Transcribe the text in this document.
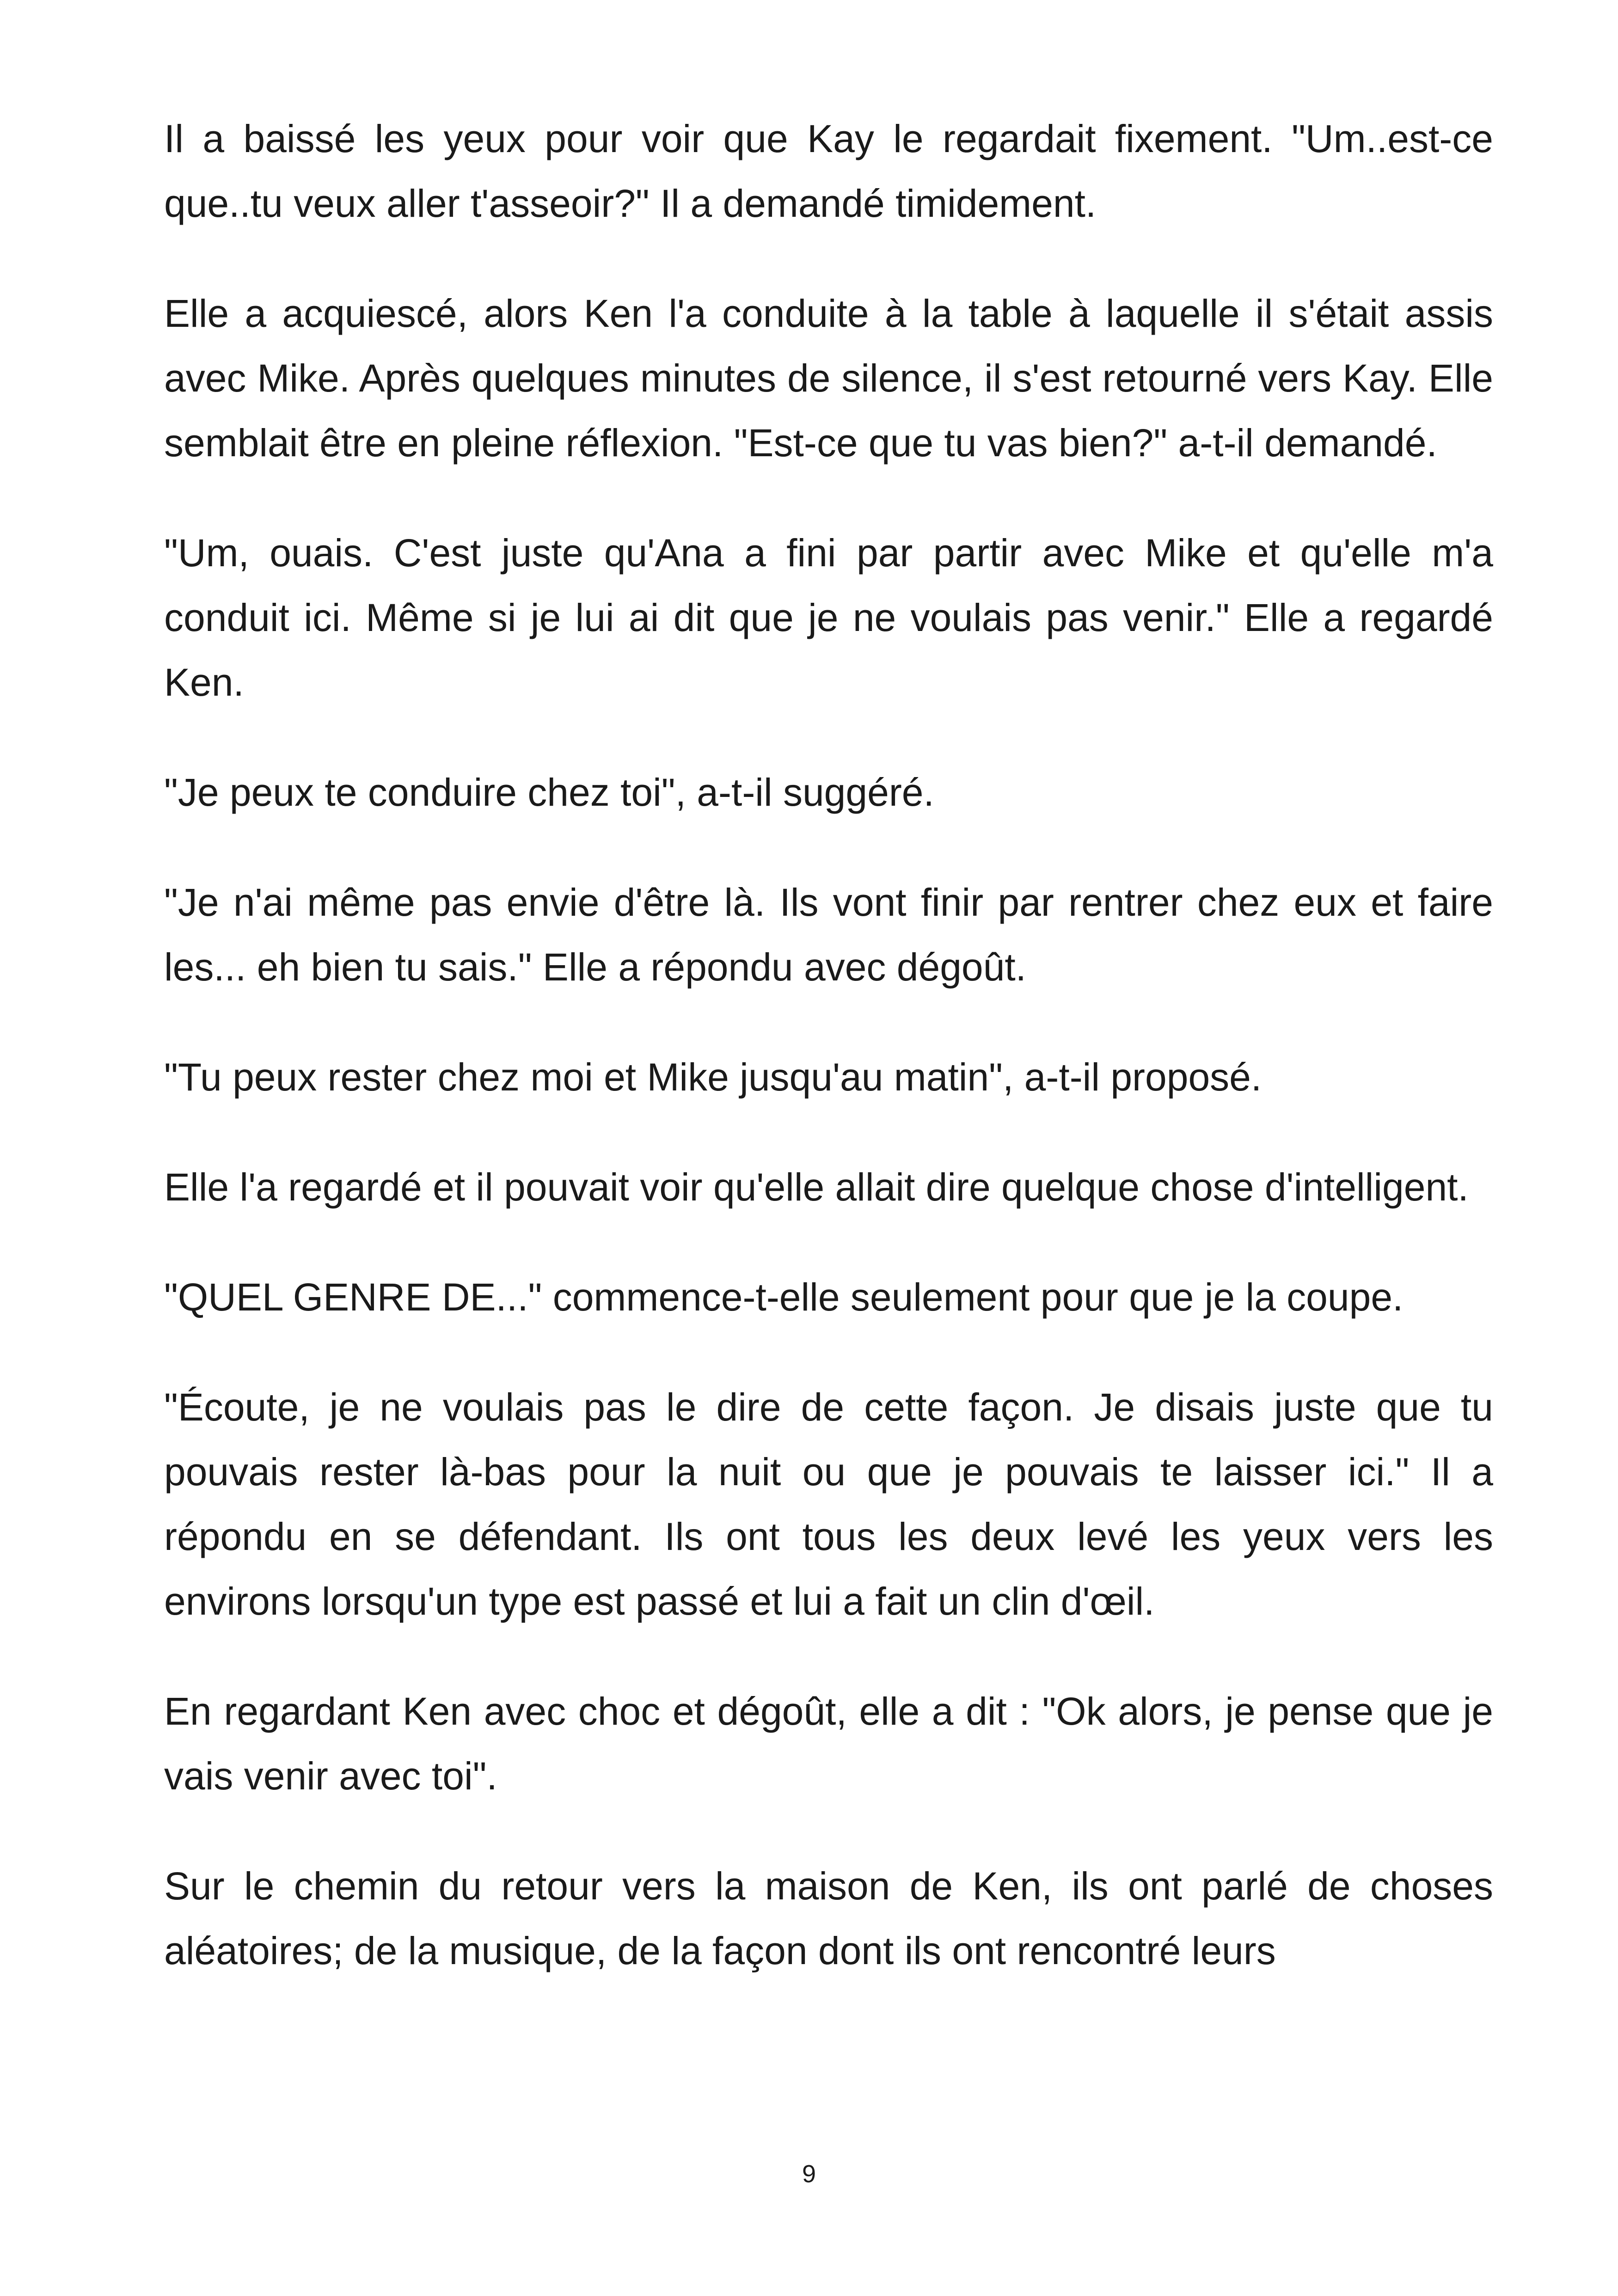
Il a baissé les yeux pour voir que Kay le regardait fixement. "Um..est-ce que..tu veux aller t'asseoir?" Il a demandé timidement.

Elle a acquiescé, alors Ken l'a conduite à la table à laquelle il s'était assis avec Mike. Après quelques minutes de silence, il s'est retourné vers Kay. Elle semblait être en pleine réflexion. "Est-ce que tu vas bien?" a-t-il demandé.

"Um, ouais. C'est juste qu'Ana a fini par partir avec Mike et qu'elle m'a conduit ici. Même si je lui ai dit que je ne voulais pas venir." Elle a regardé Ken.

"Je peux te conduire chez toi", a-t-il suggéré.

"Je n'ai même pas envie d'être là. Ils vont finir par rentrer chez eux et faire les... eh bien tu sais." Elle a répondu avec dégoût.

"Tu peux rester chez moi et Mike jusqu'au matin", a-t-il proposé.

Elle l'a regardé et il pouvait voir qu'elle allait dire quelque chose d'intelligent.

"QUEL GENRE DE..." commence-t-elle seulement pour que je la coupe.

"Écoute, je ne voulais pas le dire de cette façon. Je disais juste que tu pouvais rester là-bas pour la nuit ou que je pouvais te laisser ici." Il a répondu en se défendant. Ils ont tous les deux levé les yeux vers les environs lorsqu'un type est passé et lui a fait un clin d'œil.

En regardant Ken avec choc et dégoût, elle a dit : "Ok alors, je pense que je vais venir avec toi".

Sur le chemin du retour vers la maison de Ken, ils ont parlé de choses aléatoires; de la musique, de la façon dont ils ont rencontré leurs

9
